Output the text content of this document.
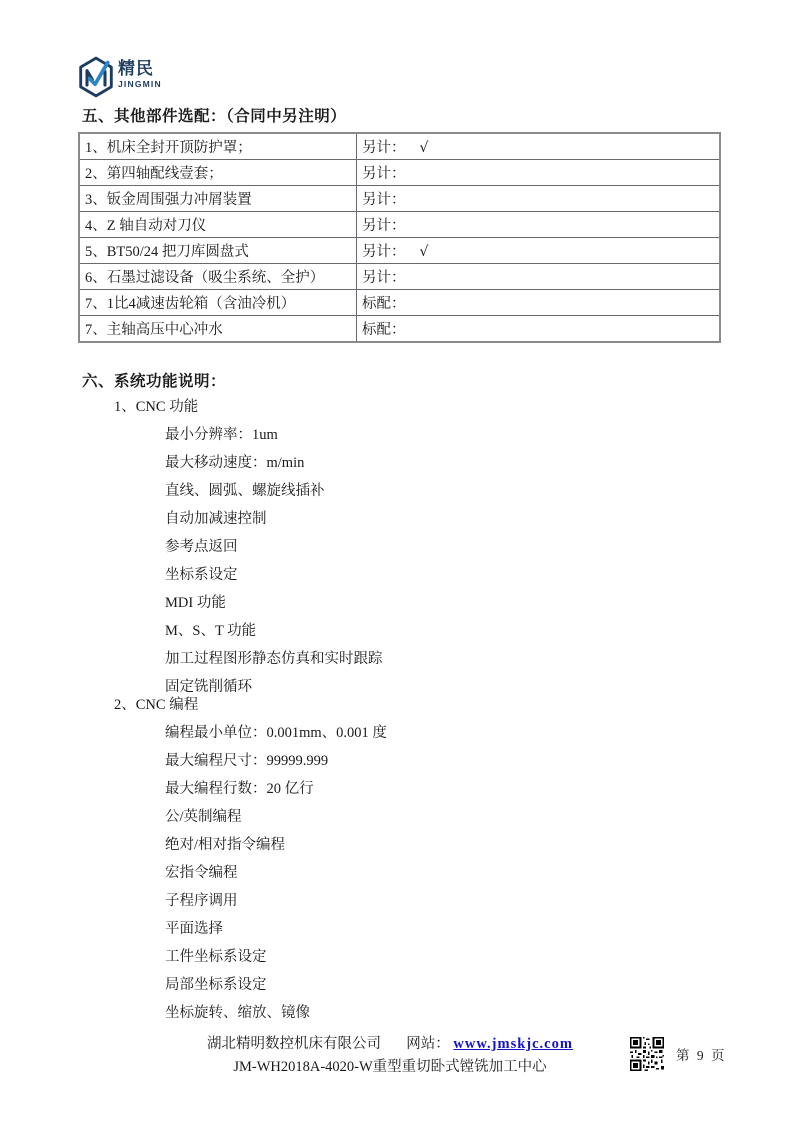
精民
JINGMIN
五、其他部件选配：（合同中另注明）
1、机床全封开顶防护罩；	另计： √
2、第四轴配线壹套；	另计：
3、钣金周围强力冲屑装置	另计：
4、Z 轴自动对刀仪	另计：
5、BT50/24 把刀库圆盘式	另计： √
6、石墨过滤设备（吸尘系统、全护）	另计：
7、1比4减速齿轮箱（含油冷机）	标配：
7、主轴高压中心冲水	标配：
六、系统功能说明：
1、CNC 功能
最小分辨率：1um
最大移动速度：m/min
直线、圆弧、螺旋线插补
自动加减速控制
参考点返回
坐标系设定
MDI 功能
M、S、T 功能
加工过程图形静态仿真和实时跟踪
固定铣削循环
2、CNC 编程
编程最小单位：0.001mm、0.001 度
最大编程尺寸：99999.999
最大编程行数：20 亿行
公/英制编程
绝对/相对指令编程
宏指令编程
子程序调用
平面选择
工件坐标系设定
局部坐标系设定
坐标旋转、缩放、镜像
湖北精明数控机床有限公司 网站： www.jmskjc.com
JM-WH2018A-4020-W重型重切卧式镗铣加工中心
第 9 页
